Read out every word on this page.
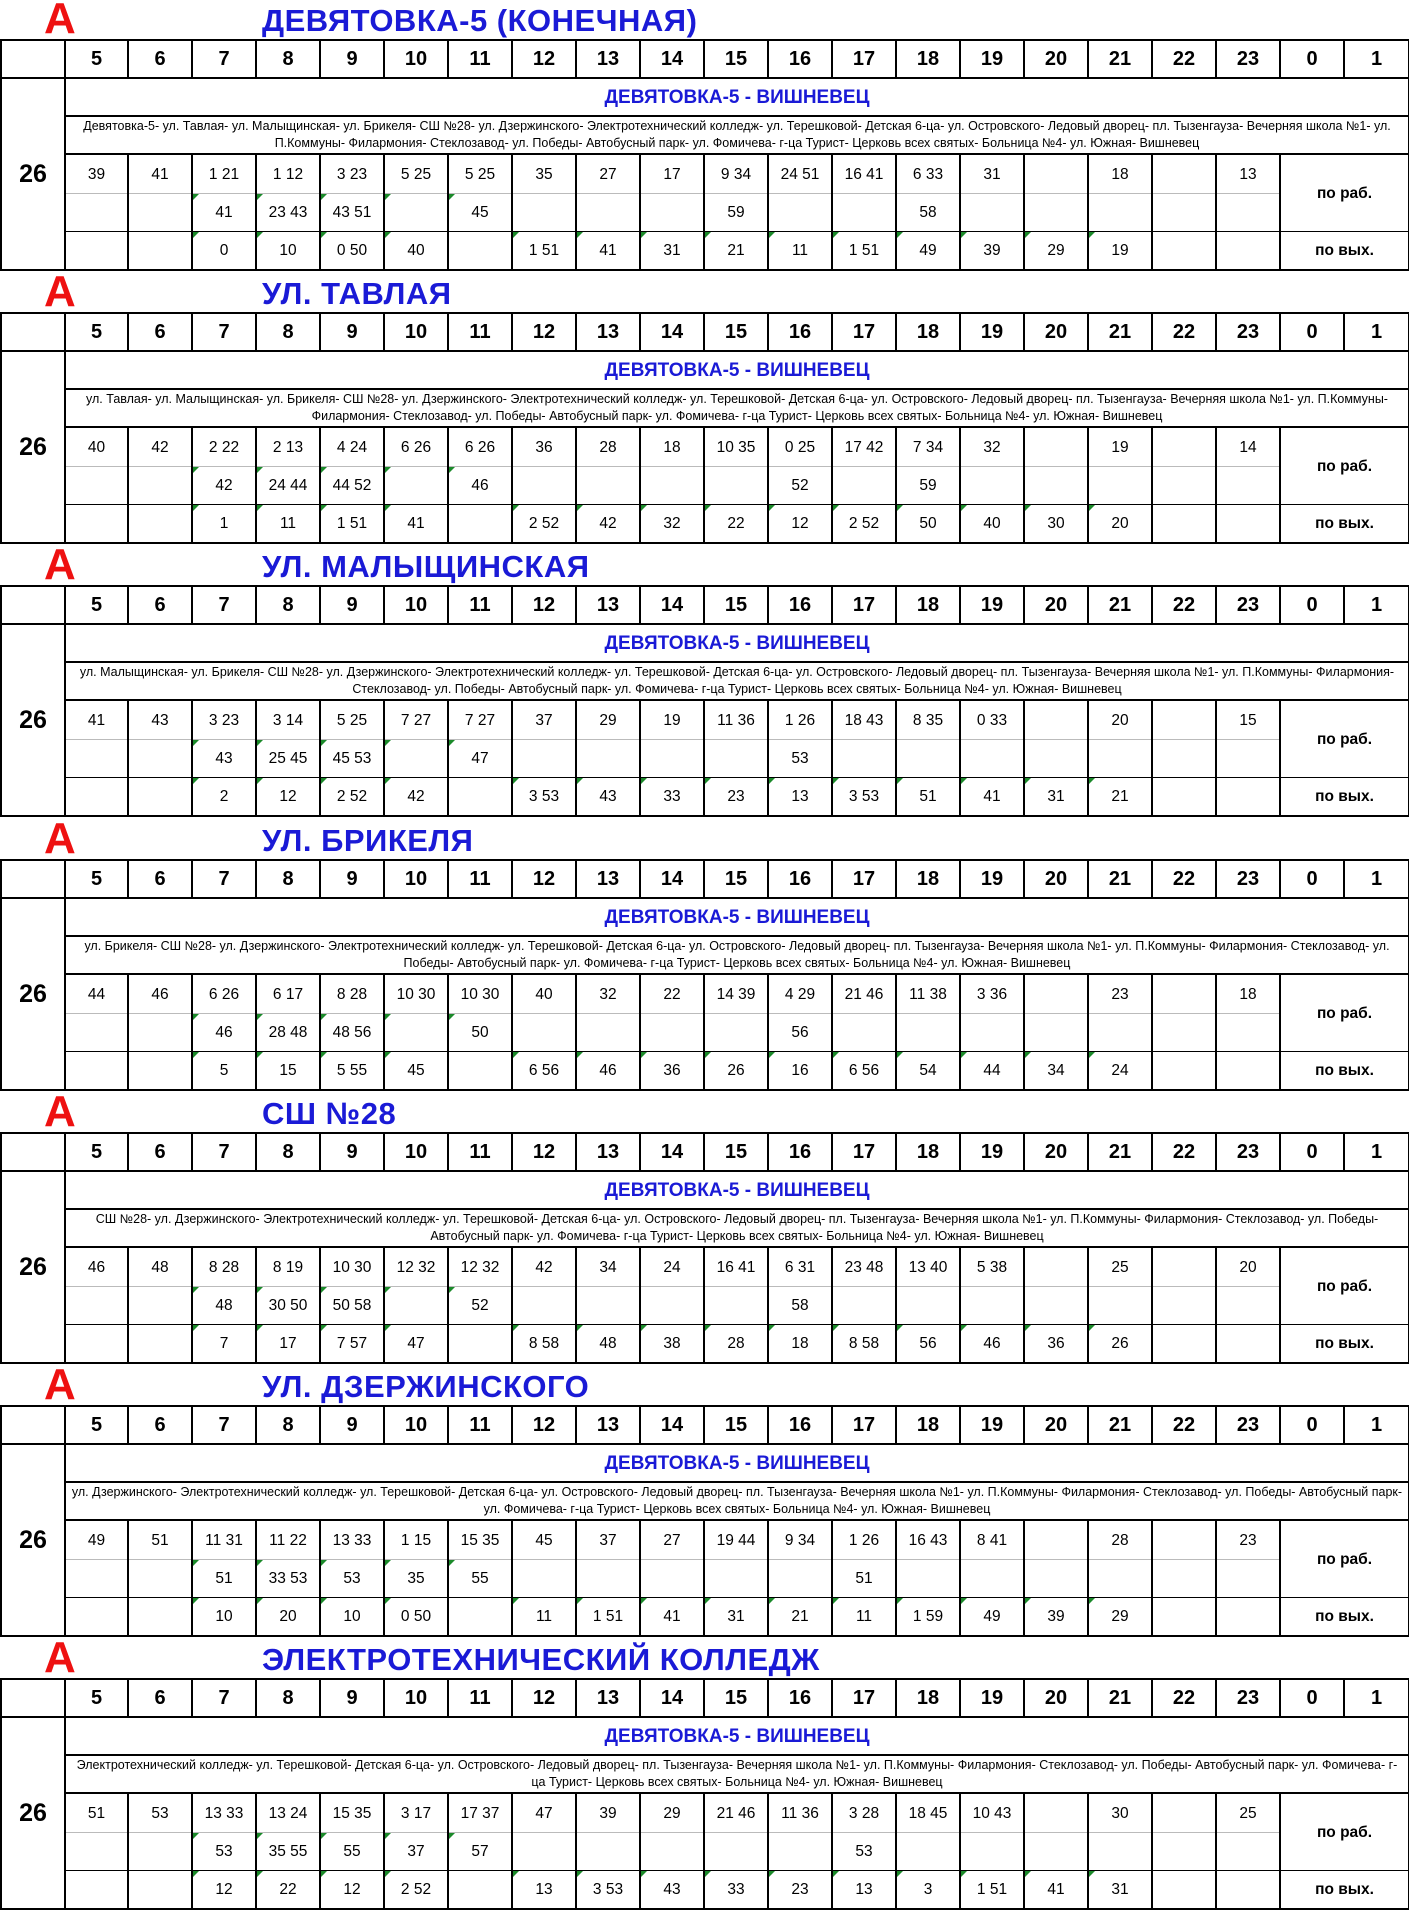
А	ДЕВЯТОВКА-5 (КОНЕЧНАЯ)
	5	6	7	8	9	10	11	12	13	14	15	16	17	18	19	20	21	22	23	0	1
26	ДЕВЯТОВКА-5 - ВИШНЕВЕЦ																				
	Девятовка-5- ул. Тавлая- ул. Малыщинская- ул. Брикеля- СШ №28- ул. Дзержинского- Электротехнический колледж- ул. Терешковой- Детская 6-ца- ул. Островского- Ледовый дворец- пл. Тызенгауза- Вечерняя школа №1- ул. П.Коммуны- Филармония- Стеклозавод- ул. Победы- Автобусный парк- ул. Фомичева- г-ца Турист- Церковь всех святых- Больница №4- ул. Южная- Вишневец																				
	39	41	1 21	1 12	3 23	5 25	5 25	35	27	17	9 34	24 51	16 41	6 33	31		18		13	по раб.	
			41	23 43	43 51		45				59			58							
			0	10	0 50	40		1 51	41	31	21	11	1 51	49	39	29	19			по вых.	
А	УЛ. ТАВЛАЯ
	5	6	7	8	9	10	11	12	13	14	15	16	17	18	19	20	21	22	23	0	1
26	ДЕВЯТОВКА-5 - ВИШНЕВЕЦ																				
	ул. Тавлая- ул. Малыщинская- ул. Брикеля- СШ №28- ул. Дзержинского- Электротехнический колледж- ул. Терешковой- Детская 6-ца- ул. Островского- Ледовый дворец- пл. Тызенгауза- Вечерняя школа №1- ул. П.Коммуны- Филармония- Стеклозавод- ул. Победы- Автобусный парк- ул. Фомичева- г-ца Турист- Церковь всех святых- Больница №4- ул. Южная- Вишневец																				
	40	42	2 22	2 13	4 24	6 26	6 26	36	28	18	10 35	0 25	17 42	7 34	32		19		14	по раб.	
			42	24 44	44 52		46					52		59							
			1	11	1 51	41		2 52	42	32	22	12	2 52	50	40	30	20			по вых.	
А	УЛ. МАЛЫЩИНСКАЯ
	5	6	7	8	9	10	11	12	13	14	15	16	17	18	19	20	21	22	23	0	1
26	ДЕВЯТОВКА-5 - ВИШНЕВЕЦ																				
	ул. Малыщинская- ул. Брикеля- СШ №28- ул. Дзержинского- Электротехнический колледж- ул. Терешковой- Детская 6-ца- ул. Островского- Ледовый дворец- пл. Тызенгауза- Вечерняя школа №1- ул. П.Коммуны- Филармония- Стеклозавод- ул. Победы- Автобусный парк- ул. Фомичева- г-ца Турист- Церковь всех святых- Больница №4- ул. Южная- Вишневец																				
	41	43	3 23	3 14	5 25	7 27	7 27	37	29	19	11 36	1 26	18 43	8 35	0 33		20		15	по раб.	
			43	25 45	45 53		47					53									
			2	12	2 52	42		3 53	43	33	23	13	3 53	51	41	31	21			по вых.	
А	УЛ. БРИКЕЛЯ
	5	6	7	8	9	10	11	12	13	14	15	16	17	18	19	20	21	22	23	0	1
26	ДЕВЯТОВКА-5 - ВИШНЕВЕЦ																				
	ул. Брикеля- СШ №28- ул. Дзержинского- Электротехнический колледж- ул. Терешковой- Детская 6-ца- ул. Островского- Ледовый дворец- пл. Тызенгауза- Вечерняя школа №1- ул. П.Коммуны- Филармония- Стеклозавод- ул. Победы- Автобусный парк- ул. Фомичева- г-ца Турист- Церковь всех святых- Больница №4- ул. Южная- Вишневец																				
	44	46	6 26	6 17	8 28	10 30	10 30	40	32	22	14 39	4 29	21 46	11 38	3 36		23		18	по раб.	
			46	28 48	48 56		50					56									
			5	15	5 55	45		6 56	46	36	26	16	6 56	54	44	34	24			по вых.	
А	СШ №28
	5	6	7	8	9	10	11	12	13	14	15	16	17	18	19	20	21	22	23	0	1
26	ДЕВЯТОВКА-5 - ВИШНЕВЕЦ																				
	СШ №28- ул. Дзержинского- Электротехнический колледж- ул. Терешковой- Детская 6-ца- ул. Островского- Ледовый дворец- пл. Тызенгауза- Вечерняя школа №1- ул. П.Коммуны- Филармония- Стеклозавод- ул. Победы- Автобусный парк- ул. Фомичева- г-ца Турист- Церковь всех святых- Больница №4- ул. Южная- Вишневец																				
	46	48	8 28	8 19	10 30	12 32	12 32	42	34	24	16 41	6 31	23 48	13 40	5 38		25		20	по раб.	
			48	30 50	50 58		52					58									
			7	17	7 57	47		8 58	48	38	28	18	8 58	56	46	36	26			по вых.	
А	УЛ. ДЗЕРЖИНСКОГО
	5	6	7	8	9	10	11	12	13	14	15	16	17	18	19	20	21	22	23	0	1
26	ДЕВЯТОВКА-5 - ВИШНЕВЕЦ																				
	ул. Дзержинского- Электротехнический колледж- ул. Терешковой- Детская 6-ца- ул. Островского- Ледовый дворец- пл. Тызенгауза- Вечерняя школа №1- ул. П.Коммуны- Филармония- Стеклозавод- ул. Победы- Автобусный парк- ул. Фомичева- г-ца Турист- Церковь всех святых- Больница №4- ул. Южная- Вишневец																				
	49	51	11 31	11 22	13 33	1 15	15 35	45	37	27	19 44	9 34	1 26	16 43	8 41		28		23	по раб.	
			51	33 53	53	35	55						51								
			10	20	10	0 50		11	1 51	41	31	21	11	1 59	49	39	29			по вых.	
А	ЭЛЕКТРОТЕХНИЧЕСКИЙ КОЛЛЕДЖ
	5	6	7	8	9	10	11	12	13	14	15	16	17	18	19	20	21	22	23	0	1
26	ДЕВЯТОВКА-5 - ВИШНЕВЕЦ																				
	Электротехнический колледж- ул. Терешковой- Детская 6-ца- ул. Островского- Ледовый дворец- пл. Тызенгауза- Вечерняя школа №1- ул. П.Коммуны- Филармония- Стеклозавод- ул. Победы- Автобусный парк- ул. Фомичева- г-ца Турист- Церковь всех святых- Больница №4- ул. Южная- Вишневец																				
	51	53	13 33	13 24	15 35	3 17	17 37	47	39	29	21 46	11 36	3 28	18 45	10 43		30		25	по раб.	
			53	35 55	55	37	57						53								
			12	22	12	2 52		13	3 53	43	33	23	13	3	1 51	41	31			по вых.	
